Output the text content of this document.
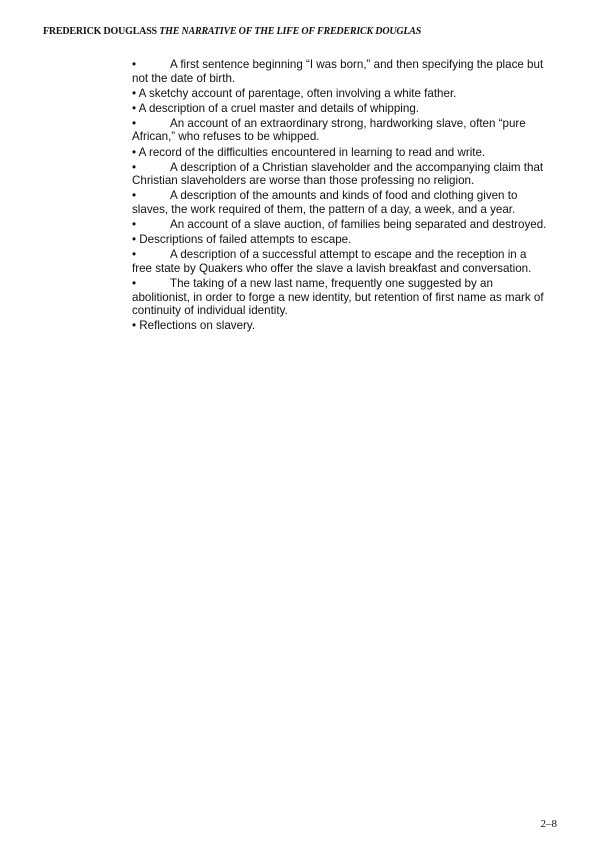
FREDERICK DOUGLASS THE NARRATIVE OF THE LIFE OF FREDERICK DOUGLAS
•	A first sentence beginning “I was born,” and then specifying the place but not the date of birth.
• A sketchy account of parentage, often involving a white father.
• A description of a cruel master and details of whipping.
•	An account of an extraordinary strong, hardworking slave, often “pure African,” who refuses to be whipped.
• A record of the difficulties encountered in learning to read and write.
•	A description of a Christian slaveholder and the accompanying claim that Christian slaveholders are worse than those professing no religion.
•	A description of the amounts and kinds of food and clothing given to slaves, the work required of them, the pattern of a day, a week, and a year.
•	An account of a slave auction, of families being separated and destroyed.
• Descriptions of failed attempts to escape.
•	A description of a successful attempt to escape and the reception in a free state by Quakers who offer the slave a lavish breakfast and conversation.
•	The taking of a new last name, frequently one suggested by an abolitionist, in order to forge a new identity, but retention of first name as mark of continuity of individual identity.
• Reflections on slavery.
2–8
